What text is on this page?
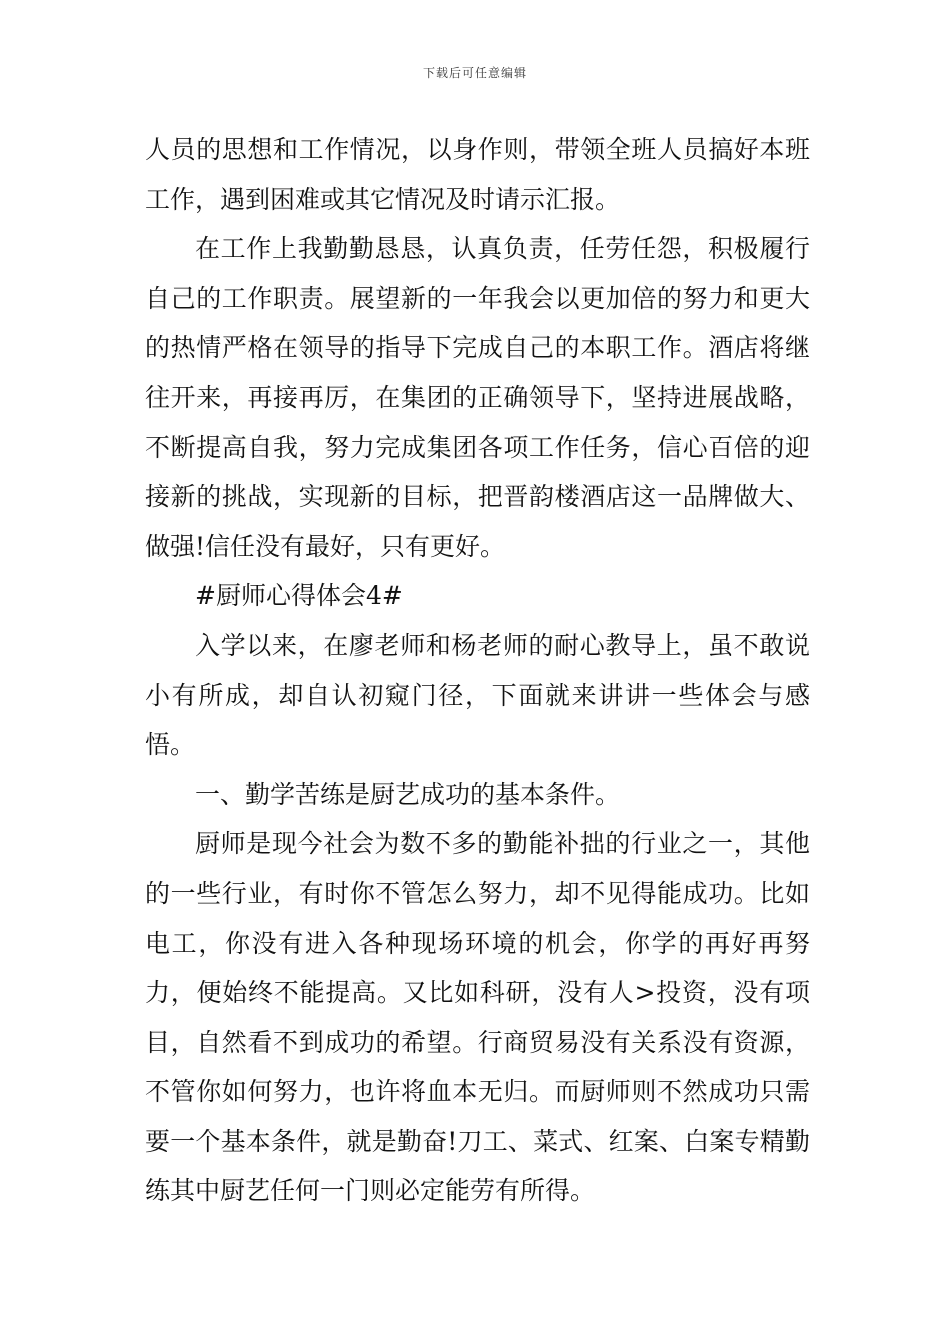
下载后可任意编辑

人员的思想和工作情况，以身作则，带领全班人员搞好本班工作，遇到困难或其它情况及时请示汇报。

在工作上我勤勤恳恳，认真负责，任劳任怨，积极履行自己的工作职责。展望新的一年我会以更加倍的努力和更大的热情严格在领导的指导下完成自己的本职工作。酒店将继往开来，再接再厉，在集团的正确领导下，坚持进展战略，不断提高自我，努力完成集团各项工作任务，信心百倍的迎接新的挑战，实现新的目标，把晋韵楼酒店这一品牌做大、做强!信任没有最好，只有更好。

#厨师心得体会4#

入学以来，在廖老师和杨老师的耐心教导上，虽不敢说小有所成，却自认初窥门径，下面就来讲讲一些体会与感悟。

一、勤学苦练是厨艺成功的基本条件。

厨师是现今社会为数不多的勤能补拙的行业之一，其他的一些行业，有时你不管怎么努力，却不见得能成功。比如电工，你没有进入各种现场环境的机会，你学的再好再努力，便始终不能提高。又比如科研，没有人>投资，没有项目，自然看不到成功的希望。行商贸易没有关系没有资源，不管你如何努力，也许将血本无归。而厨师则不然成功只需要一个基本条件，就是勤奋!刀工、菜式、红案、白案专精勤练其中厨艺任何一门则必定能劳有所得。
